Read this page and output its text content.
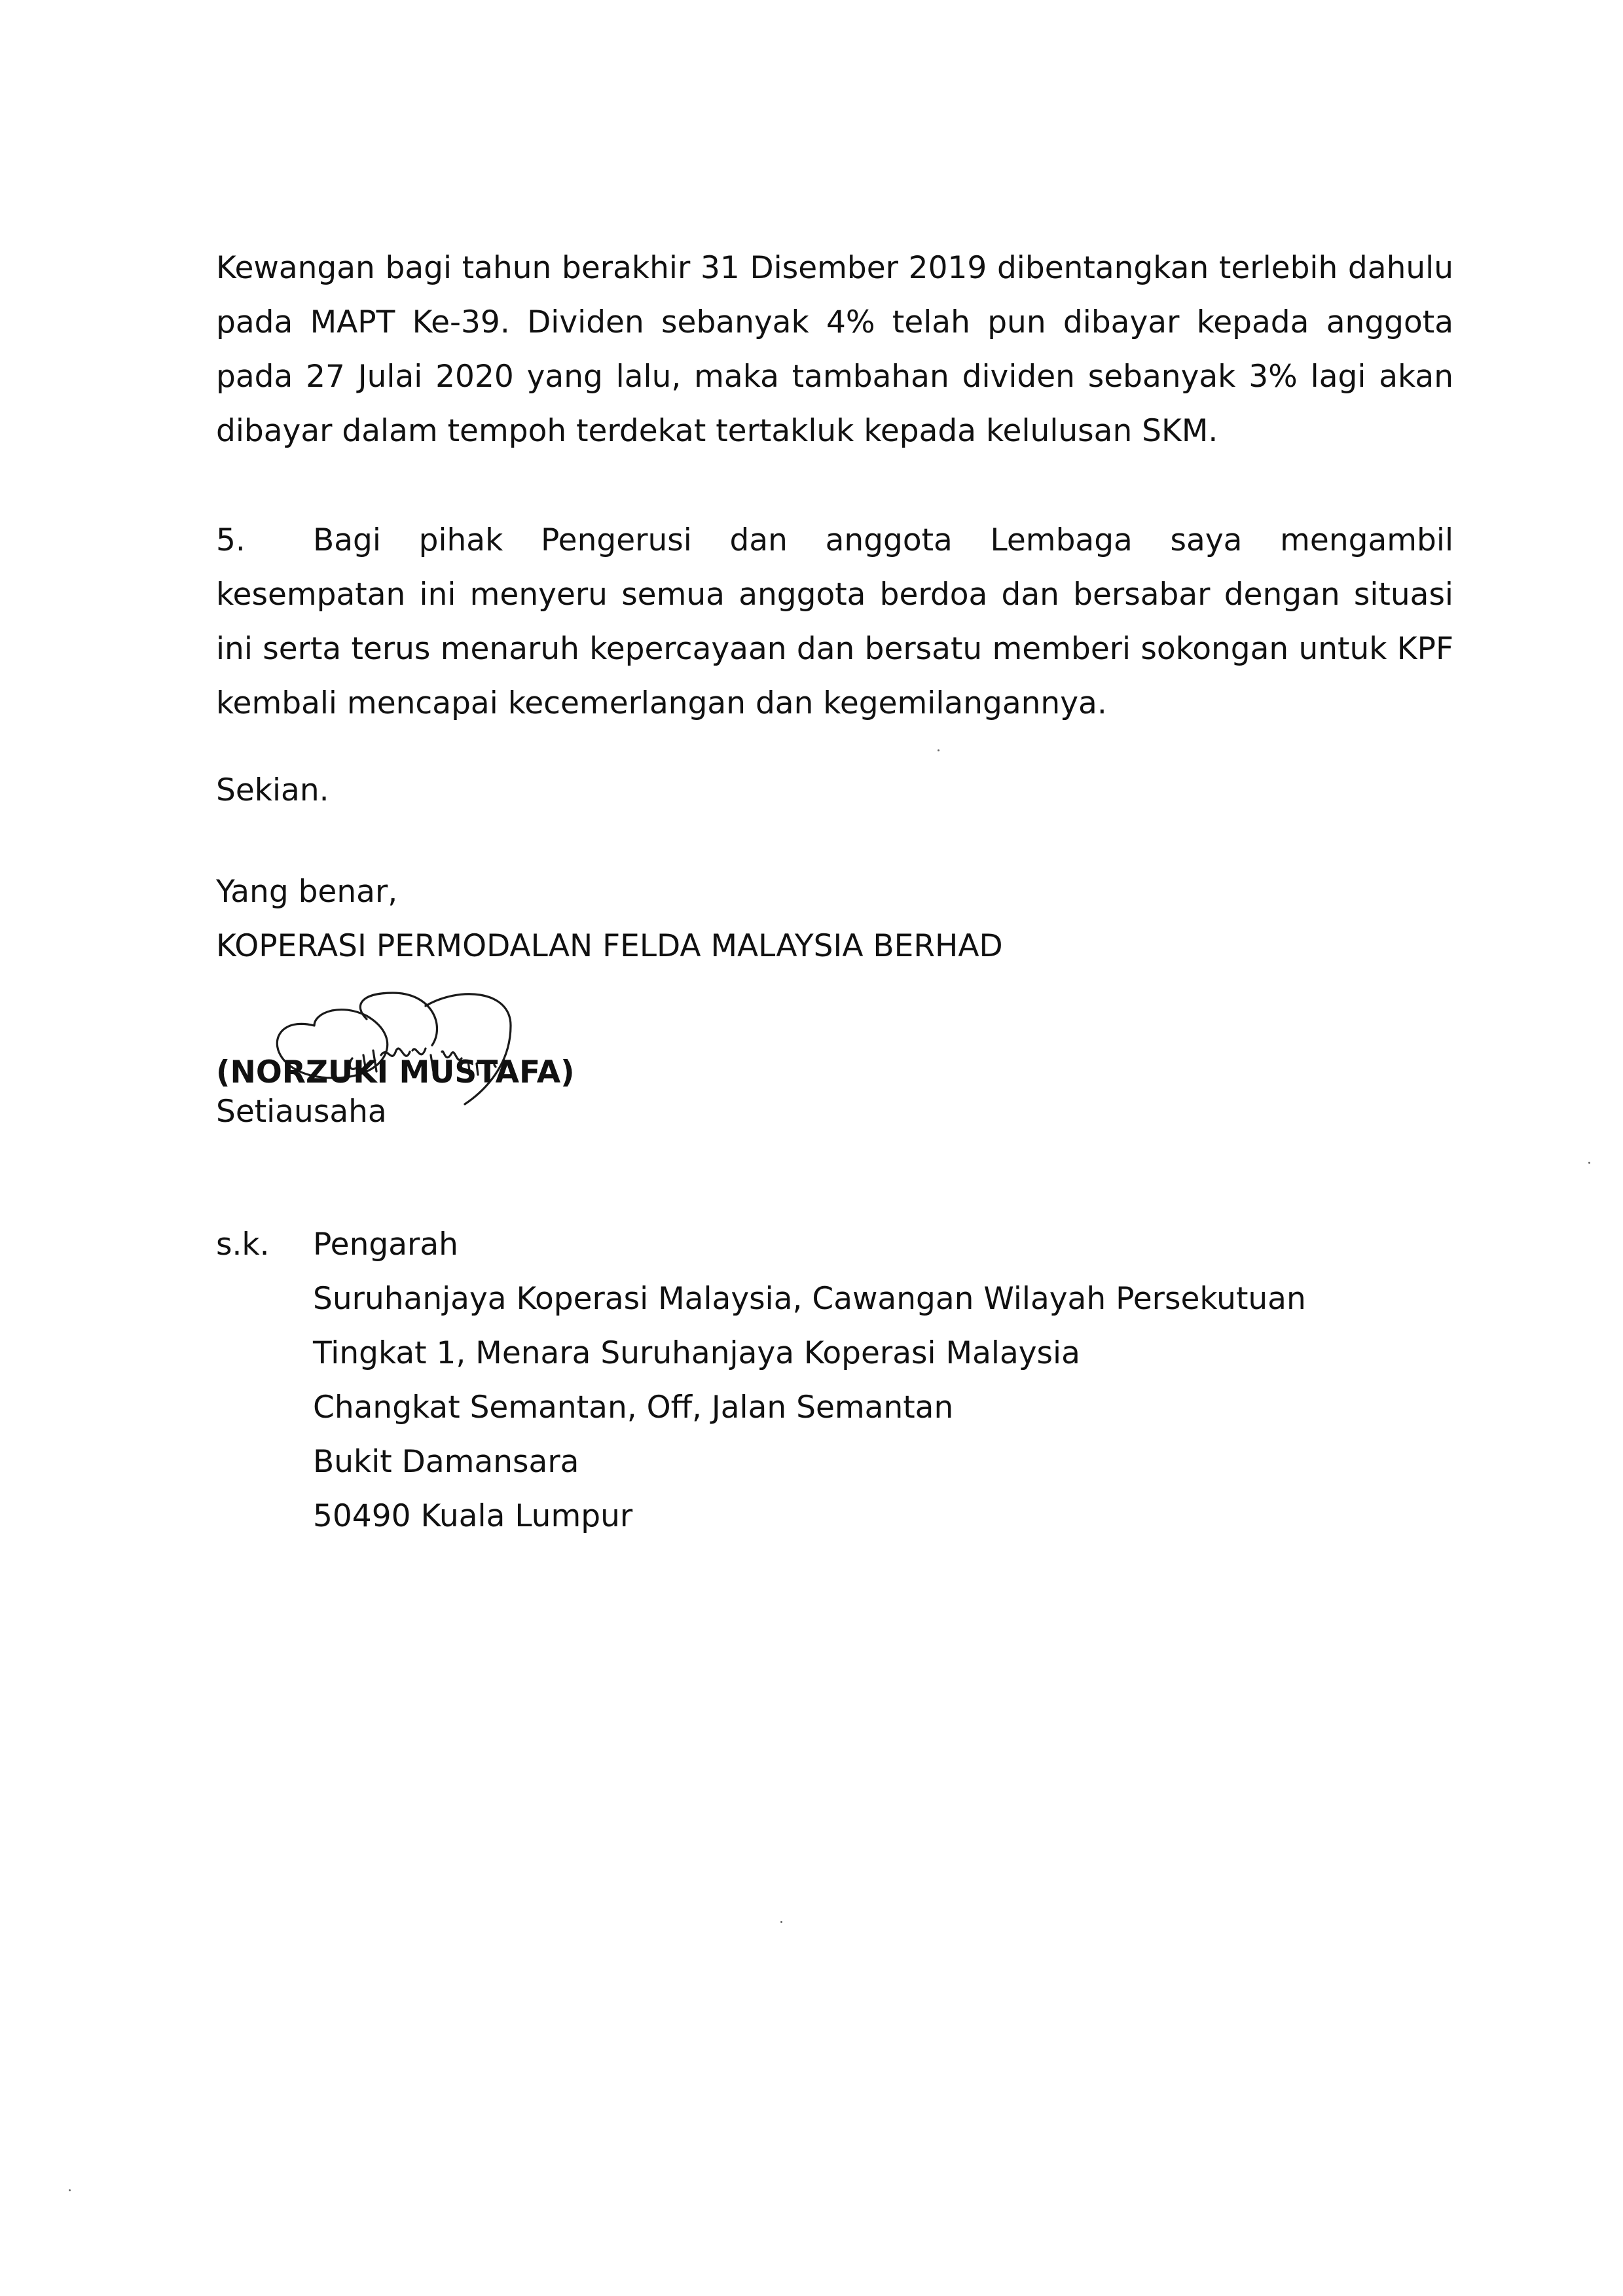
Kewangan bagi tahun berakhir 31 Disember 2019 dibentangkan terlebih dahulu pada MAPT Ke-39. Dividen sebanyak 4% telah pun dibayar kepada anggota pada 27 Julai 2020 yang lalu, maka tambahan dividen sebanyak 3% lagi akan dibayar dalam tempoh terdekat tertakluk kepada kelulusan SKM.

5. Bagi pihak Pengerusi dan anggota Lembaga saya mengambil kesempatan ini menyeru semua anggota berdoa dan bersabar dengan situasi ini serta terus menaruh kepercayaan dan bersatu memberi sokongan untuk KPF kembali mencapai kecemerlangan dan kegemilangannya.

Sekian.
Yang benar,
KOPERASI PERMODALAN FELDA MALAYSIA BERHAD
(NORZUKI MUSTAFA)
Setiausaha
s.k.	Pengarah
Suruhanjaya Koperasi Malaysia, Cawangan Wilayah Persekutuan
Tingkat 1, Menara Suruhanjaya Koperasi Malaysia
Changkat Semantan, Off, Jalan Semantan
Bukit Damansara
50490 Kuala Lumpur
